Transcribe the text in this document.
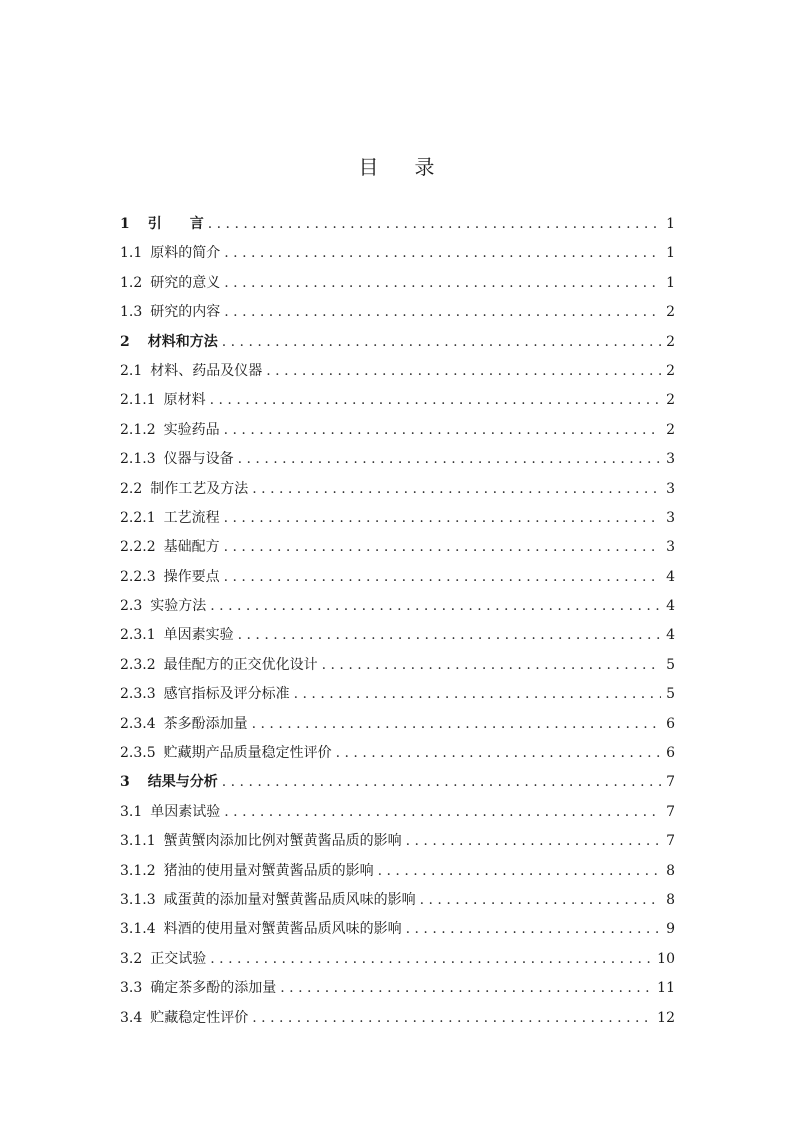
目录
1 引　　言 . . .	1
1.1 原料的简介 . . .	1
1.2 研究的意义 . . .	1
1.3 研究的内容 . . .	2
2 材料和方法 . . .	2
2.1 材料、药品及仪器 . . .	2
2.1.1 原材料 . . .	2
2.1.2 实验药品 . . .	2
2.1.3 仪器与设备 . . .	3
2.2 制作工艺及方法 . . .	3
2.2.1 工艺流程 . . .	3
2.2.2 基础配方 . . .	3
2.2.3 操作要点 . . .	4
2.3 实验方法 . . .	4
2.3.1 单因素实验 . . .	4
2.3.2 最佳配方的正交优化设计 . . .	5
2.3.3 感官指标及评分标准 . . .	5
2.3.4 茶多酚添加量 . . .	6
2.3.5 贮藏期产品质量稳定性评价 . . .	6
3 结果与分析 . . .	7
3.1 单因素试验 . . .	7
3.1.1 蟹黄蟹肉添加比例对蟹黄酱品质的影响 . . .	7
3.1.2 猪油的使用量对蟹黄酱品质的影响 . . .	8
3.1.3 咸蛋黄的添加量对蟹黄酱品质风味的影响 . . .	8
3.1.4 料酒的使用量对蟹黄酱品质风味的影响 . . .	9
3.2 正交试验 . . .	10
3.3 确定茶多酚的添加量 . . .	11
3.4 贮藏稳定性评价 . . .	12
